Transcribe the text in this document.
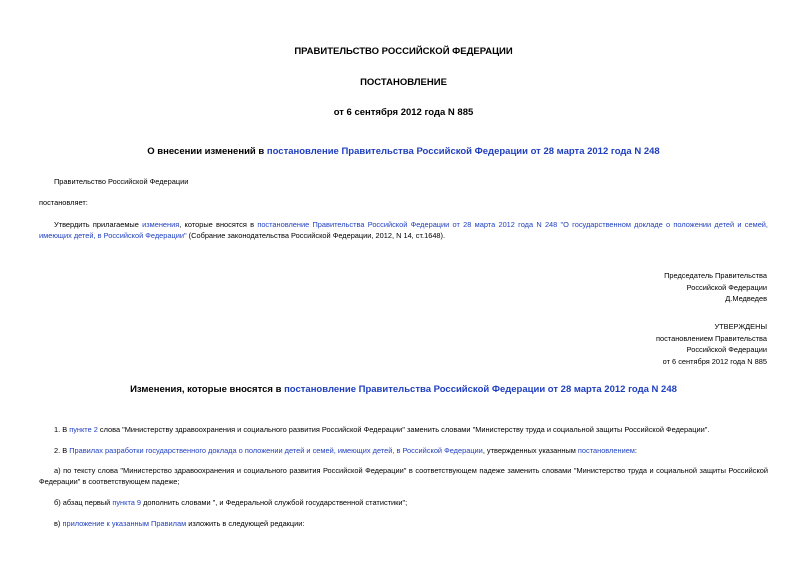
ПРАВИТЕЛЬСТВО РОССИЙСКОЙ ФЕДЕРАЦИИ
ПОСТАНОВЛЕНИЕ
от 6 сентября 2012 года N 885
О внесении изменений в постановление Правительства Российской Федерации от 28 марта 2012 года N 248
Правительство Российской Федерации
постановляет:
Утвердить прилагаемые изменения, которые вносятся в постановление Правительства Российской Федерации от 28 марта 2012 года N 248 "О государственном докладе о положении детей и семей, имеющих детей, в Российской Федерации" (Собрание законодательства Российской Федерации, 2012, N 14, ст.1648).
Председатель Правительства
Российской Федерации
Д.Медведев
УТВЕРЖДЕНЫ
постановлением Правительства
Российской Федерации
от 6 сентября 2012 года N 885
Изменения, которые вносятся в постановление Правительства Российской Федерации от 28 марта 2012 года N 248
1. В пункте 2 слова "Министерству здравоохранения и социального развития Российской Федерации" заменить словами "Министерству труда и социальной защиты Российской Федерации".
2. В Правилах разработки государственного доклада о положении детей и семей, имеющих детей, в Российской Федерации, утвержденных указанным постановлением:
а) по тексту слова "Министерство здравоохранения и социального развития Российской Федерации" в соответствующем падеже заменить словами "Министерство труда и социальной защиты Российской Федерации" в соответствующем падеже;
б) абзац первый пункта 9 дополнить словами ", и Федеральной службой государственной статистики";
в) приложение к указанным Правилам изложить в следующей редакции:
